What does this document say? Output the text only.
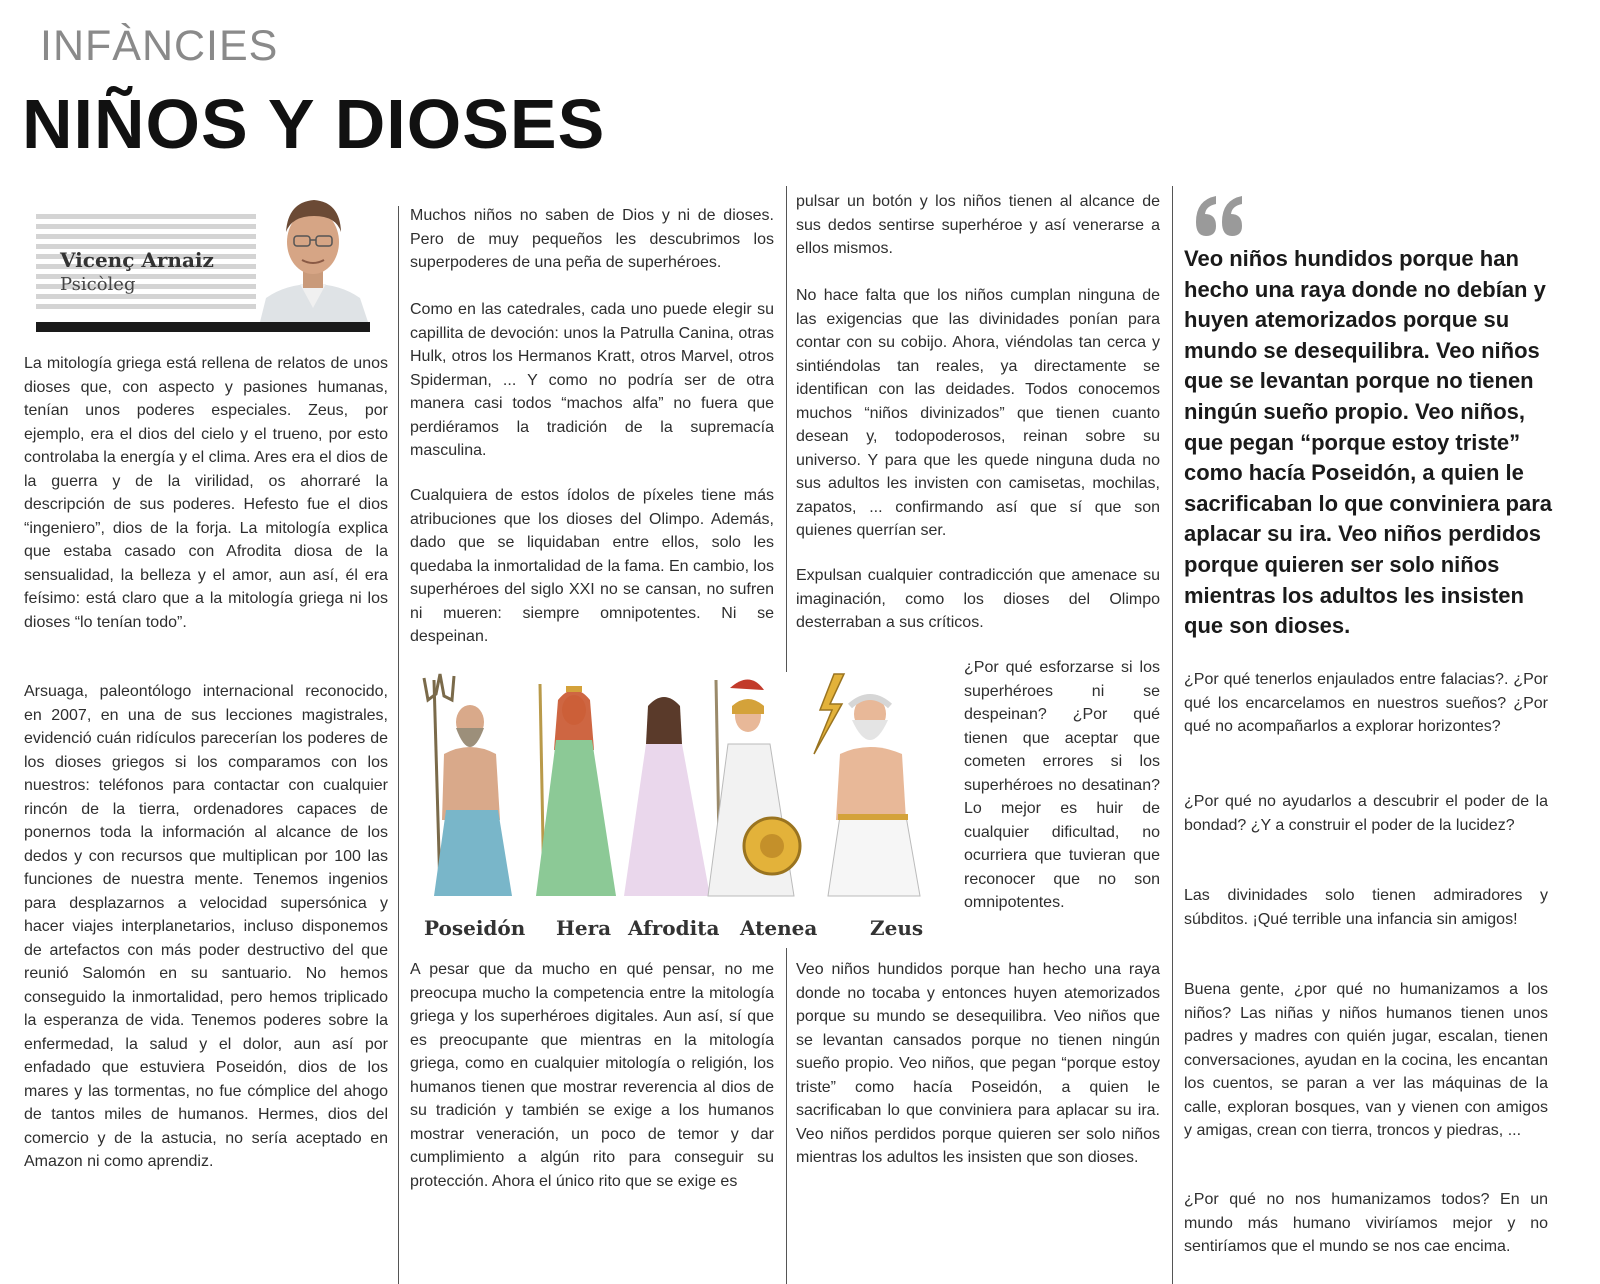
INFÀNCIES
NIÑOS Y DIOSES
Vicenç Arnaiz
Psicòleg

La mitología griega está rellena de relatos de unos dioses que, con aspecto y pasiones humanas, tenían unos poderes especiales. Zeus, por ejemplo, era el dios del cielo y el trueno, por esto controlaba la energía y el clima. Ares era el dios de la guerra y de la virilidad, os ahorraré la descripción de sus poderes. Hefesto fue el dios “ingeniero”, dios de la forja. La mitología explica que estaba casado con Afrodita diosa de la sensualidad, la belleza y el amor, aun así, él era feísimo: está claro que a la mitología griega ni los dioses “lo tenían todo”.

Arsuaga, paleontólogo internacional reconocido, en 2007, en una de sus lecciones magistrales, evidenció cuán ridículos parecerían los poderes de los dioses griegos si los comparamos con los nuestros: teléfonos para contactar con cualquier rincón de la tierra, ordenadores capaces de ponernos toda la información al alcance de los dedos y con recursos que multiplican por 100 las funciones de nuestra mente. Tenemos ingenios para desplazarnos a velocidad supersónica y hacer viajes interplanetarios, incluso disponemos de artefactos con más poder destructivo del que reunió Salomón en su santuario. No hemos conseguido la inmortalidad, pero hemos triplicado la esperanza de vida. Tenemos poderes sobre la enfermedad, la salud y el dolor, aun así por enfadado que estuviera Poseidón, dios de los mares y las tormentas, no fue cómplice del ahogo de tantos miles de humanos. Hermes, dios del comercio y de la astucia, no sería aceptado en Amazon ni como aprendiz.

Muchos niños no saben de Dios y ni de dioses. Pero de muy pequeños les descubrimos los superpoderes de una peña de superhéroes.

Como en las catedrales, cada uno puede elegir su capillita de devoción: unos la Patrulla Canina, otras Hulk, otros los Hermanos Kratt, otros Marvel, otros Spiderman, ... Y como no podría ser de otra manera casi todos “machos alfa” no fuera que perdiéramos la tradición de la supremacía masculina.

Cualquiera de estos ídolos de píxeles tiene más atribuciones que los dioses del Olimpo. Además, dado que se liquidaban entre ellos, solo les quedaba la inmortalidad de la fama. En cambio, los superhéroes del siglo XXI no se cansan, no sufren ni mueren: siempre omnipotentes. Ni se despeinan.

A pesar que da mucho en qué pensar, no me preocupa mucho la competencia entre la mitología griega y los superhéroes digitales. Aun así, sí que es preocupante que mientras en la mitología griega, como en cualquier mitología o religión, los humanos tienen que mostrar reverencia al dios de su tradición y también se exige a los humanos mostrar veneración, un poco de temor y dar cumplimiento a algún rito para conseguir su protección. Ahora el único rito que se exige es

pulsar un botón y los niños tienen al alcance de sus dedos sentirse superhéroe y así venerarse a ellos mismos.

No hace falta que los niños cumplan ninguna de las exigencias que las divinidades ponían para contar con su cobijo. Ahora, viéndolas tan cerca y sintiéndolas tan reales, ya directamente se identifican con las deidades. Todos conocemos muchos “niños divinizados” que tienen cuanto desean y, todopoderosos, reinan sobre su universo. Y para que les quede ninguna duda no sus adultos les invisten con camisetas, mochilas, zapatos, ... confirmando así que sí que son quienes querrían ser.

Expulsan cualquier contradicción que amenace su imaginación, como los dioses del Olimpo desterraban a sus críticos.

¿Por qué esforzarse si los superhéroes ni se despeinan? ¿Por qué tienen que aceptar que cometen errores si los superhéroes no desatinan? Lo mejor es huir de cualquier dificultad, no ocurriera que tuvieran que reconocer que no son omnipotentes.

Veo niños hundidos porque han hecho una raya donde no tocaba y entonces huyen atemorizados porque su mundo se desequilibra. Veo niños que se levantan cansados porque no tienen ningún sueño propio. Veo niños, que pegan “porque estoy triste” como hacía Poseidón, a quien le sacrificaban lo que conviniera para aplacar su ira. Veo niños perdidos porque quieren ser solo niños mientras los adultos les insisten que son dioses.

Poseidón Hera Afrodita Atenea	Zeus

Veo niños hundidos porque han hecho una raya donde no debían y huyen atemorizados porque su mundo se desequilibra. Veo niños que se levantan porque no tienen ningún sueño propio. Veo niños, que pegan “porque estoy triste” como hacía Poseidón, a quien le sacrificaban lo que conviniera para aplacar su ira. Veo niños perdidos porque quieren ser solo niños mientras los adultos les insisten que son dioses.

¿Por qué tenerlos enjaulados entre falacias?. ¿Por qué los encarcelamos en nuestros sueños? ¿Por qué no acompañarlos a explorar horizontes?

¿Por qué no ayudarlos a descubrir el poder de la bondad? ¿Y a construir el poder de la lucidez?

Las divinidades solo tienen admiradores y súbditos. ¡Qué terrible una infancia sin amigos!

Buena gente, ¿por qué no humanizamos a los niños? Las niñas y niños humanos tienen unos padres y madres con quién jugar, escalan, tienen conversaciones, ayudan en la cocina, les encantan los cuentos, se paran a ver las máquinas de la calle, exploran bosques, van y vienen con amigos y amigas, crean con tierra, troncos y piedras, ...

¿Por qué no nos humanizamos todos? En un mundo más humano viviríamos mejor y no sentiríamos que el mundo se nos cae encima.
